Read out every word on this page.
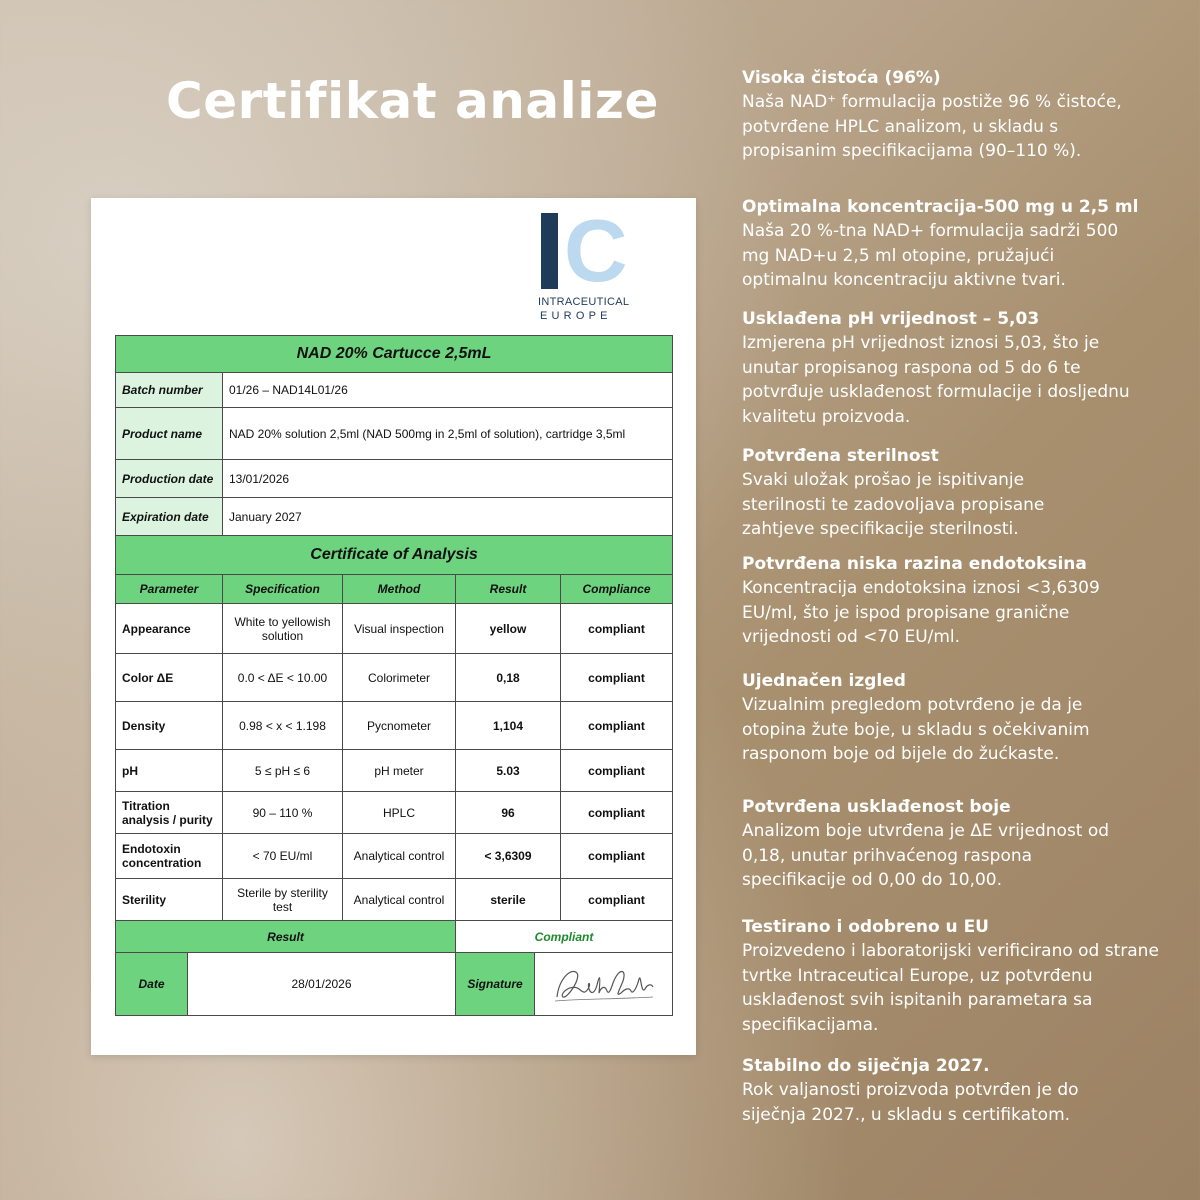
Certifikat analize
C
INTRACEUTICAL
EUROPE
NAD 20% Cartucce 2,5mL				
Batch number	01/26 – NAD14L01/26			
Product name	NAD 20% solution 2,5ml (NAD 500mg in 2,5ml of solution), cartridge 3,5ml			
Production date	13/01/2026			
Expiration date	January 2027			
Certificate of Analysis				
Parameter	Specification	Method	Result	Compliance
Appearance	White to yellowish solution	Visual inspection	yellow	compliant
Color ΔE	0.0 < ΔE < 10.00	Colorimeter	0,18	compliant
Density	0.98 < x < 1.198	Pycnometer	1,104	compliant
pH	5 ≤ pH ≤ 6	pH meter	5.03	compliant
Titration analysis / purity	90 – 110 %	HPLC	96	compliant
Endotoxin concentration	< 70 EU/ml	Analytical control	< 3,6309	compliant
Sterility	Sterile by sterility test	Analytical control	sterile	compliant
Result			Compliant	

Date 28/01/2026			Signature	
Visoka čistoća (96%)

Naša NAD⁺ formulacija postiže 96 % čistoće, potvrđene HPLC analizom, u skladu s propisanim specifikacijama (90–110 %).

Optimalna koncentracija-500 mg u 2,5 ml

Naša 20 %-tna NAD+ formulacija sadrži 500 mg NAD+u 2,5 ml otopine, pružajući optimalnu koncentraciju aktivne tvari.

Usklađena pH vrijednost – 5,03

Izmjerena pH vrijednost iznosi 5,03, što je unutar propisanog raspona od 5 do 6 te potvrđuje usklađenost formulacije i dosljednu kvalitetu proizvoda.

Potvrđena sterilnost

Svaki uložak prošao je ispitivanje sterilnosti te zadovoljava propisane zahtjeve specifikacije sterilnosti.

Potvrđena niska razina endotoksina

Koncentracija endotoksina iznosi <3,6309 EU/ml, što je ispod propisane granične vrijednosti od <70 EU/ml.

Ujednačen izgled

Vizualnim pregledom potvrđeno je da je otopina žute boje, u skladu s očekivanim rasponom boje od bijele do žućkaste.

Potvrđena usklađenost boje

Analizom boje utvrđena je ΔE vrijednost od 0,18, unutar prihvaćenog raspona specifikacije od 0,00 do 10,00.

Testirano i odobreno u EU

Proizvedeno i laboratorijski verificirano od strane tvrtke Intraceutical Europe, uz potvrđenu usklađenost svih ispitanih parametara sa specifikacijama.

Stabilno do siječnja 2027.

Rok valjanosti proizvoda potvrđen je do siječnja 2027., u skladu s certifikatom.
